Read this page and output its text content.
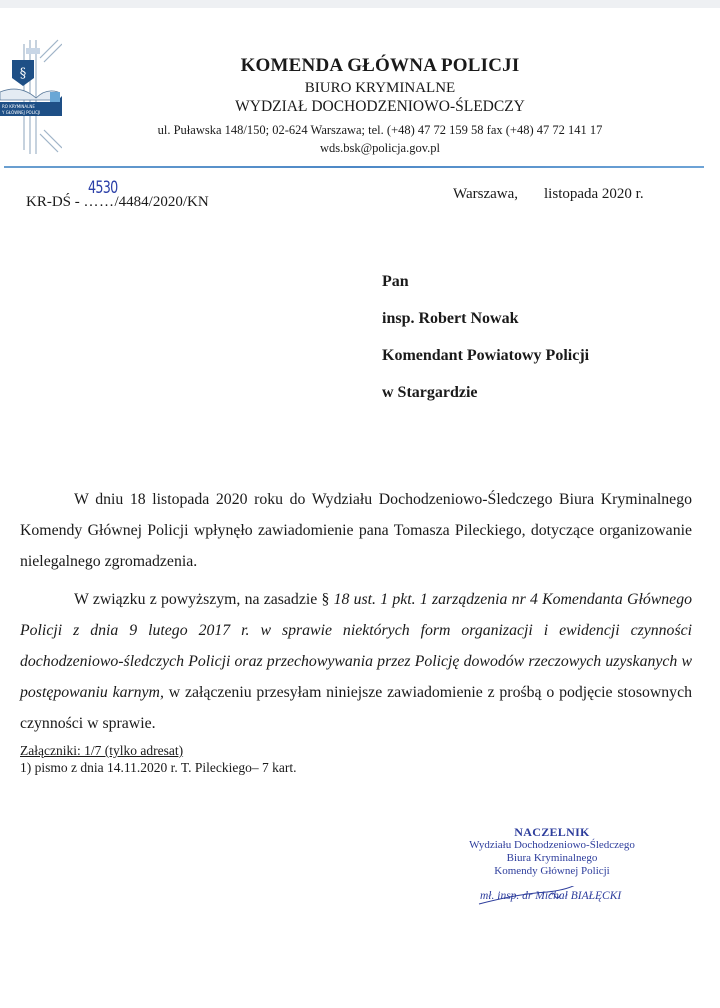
§
RO KRYMINALNE
Y GŁÓWNEJ POLICJI
KOMENDA GŁÓWNA POLICJI
BIURO KRYMINALNE
WYDZIAŁ DOCHODZENIOWO-ŚLEDCZY
ul. Puławska 148/150; 02-624 Warszawa; tel. (+48) 47 72 159 58 fax (+48) 47 72 141 17
wds.bsk@policja.gov.pl
KR-DŚ - ……/4484/2020/KN
4530	Warszawa, listopada 2020 r.
Pan
insp. Robert Nowak
Komendant Powiatowy Policji
w Stargardzie
W dniu 18 listopada 2020 roku do Wydziału Dochodzeniowo-Śledczego Biura Kryminalnego Komendy Głównej Policji wpłynęło zawiadomienie pana Tomasza Pileckiego, dotyczące organizowanie nielegalnego zgromadzenia.
W związku z powyższym, na zasadzie § 18 ust. 1 pkt. 1 zarządzenia nr 4 Komendanta Głównego Policji z dnia 9 lutego 2017 r. w sprawie niektórych form organizacji i ewidencji czynności dochodzeniowo-śledczych Policji oraz przechowywania przez Policję dowodów rzeczowych uzyskanych w postępowaniu karnym, w załączeniu przesyłam niniejsze zawiadomienie z prośbą o podjęcie stosownych czynności w sprawie.
Załączniki: 1/7 (tylko adresat)
1) pismo z dnia 14.11.2020 r. T. Pileckiego– 7 kart.
NACZELNIK
Wydziału Dochodzeniowo-Śledczego
Biura Kryminalnego
Komendy Głównej Policji
mł. insp. dr Michał BIAŁĘCKI
